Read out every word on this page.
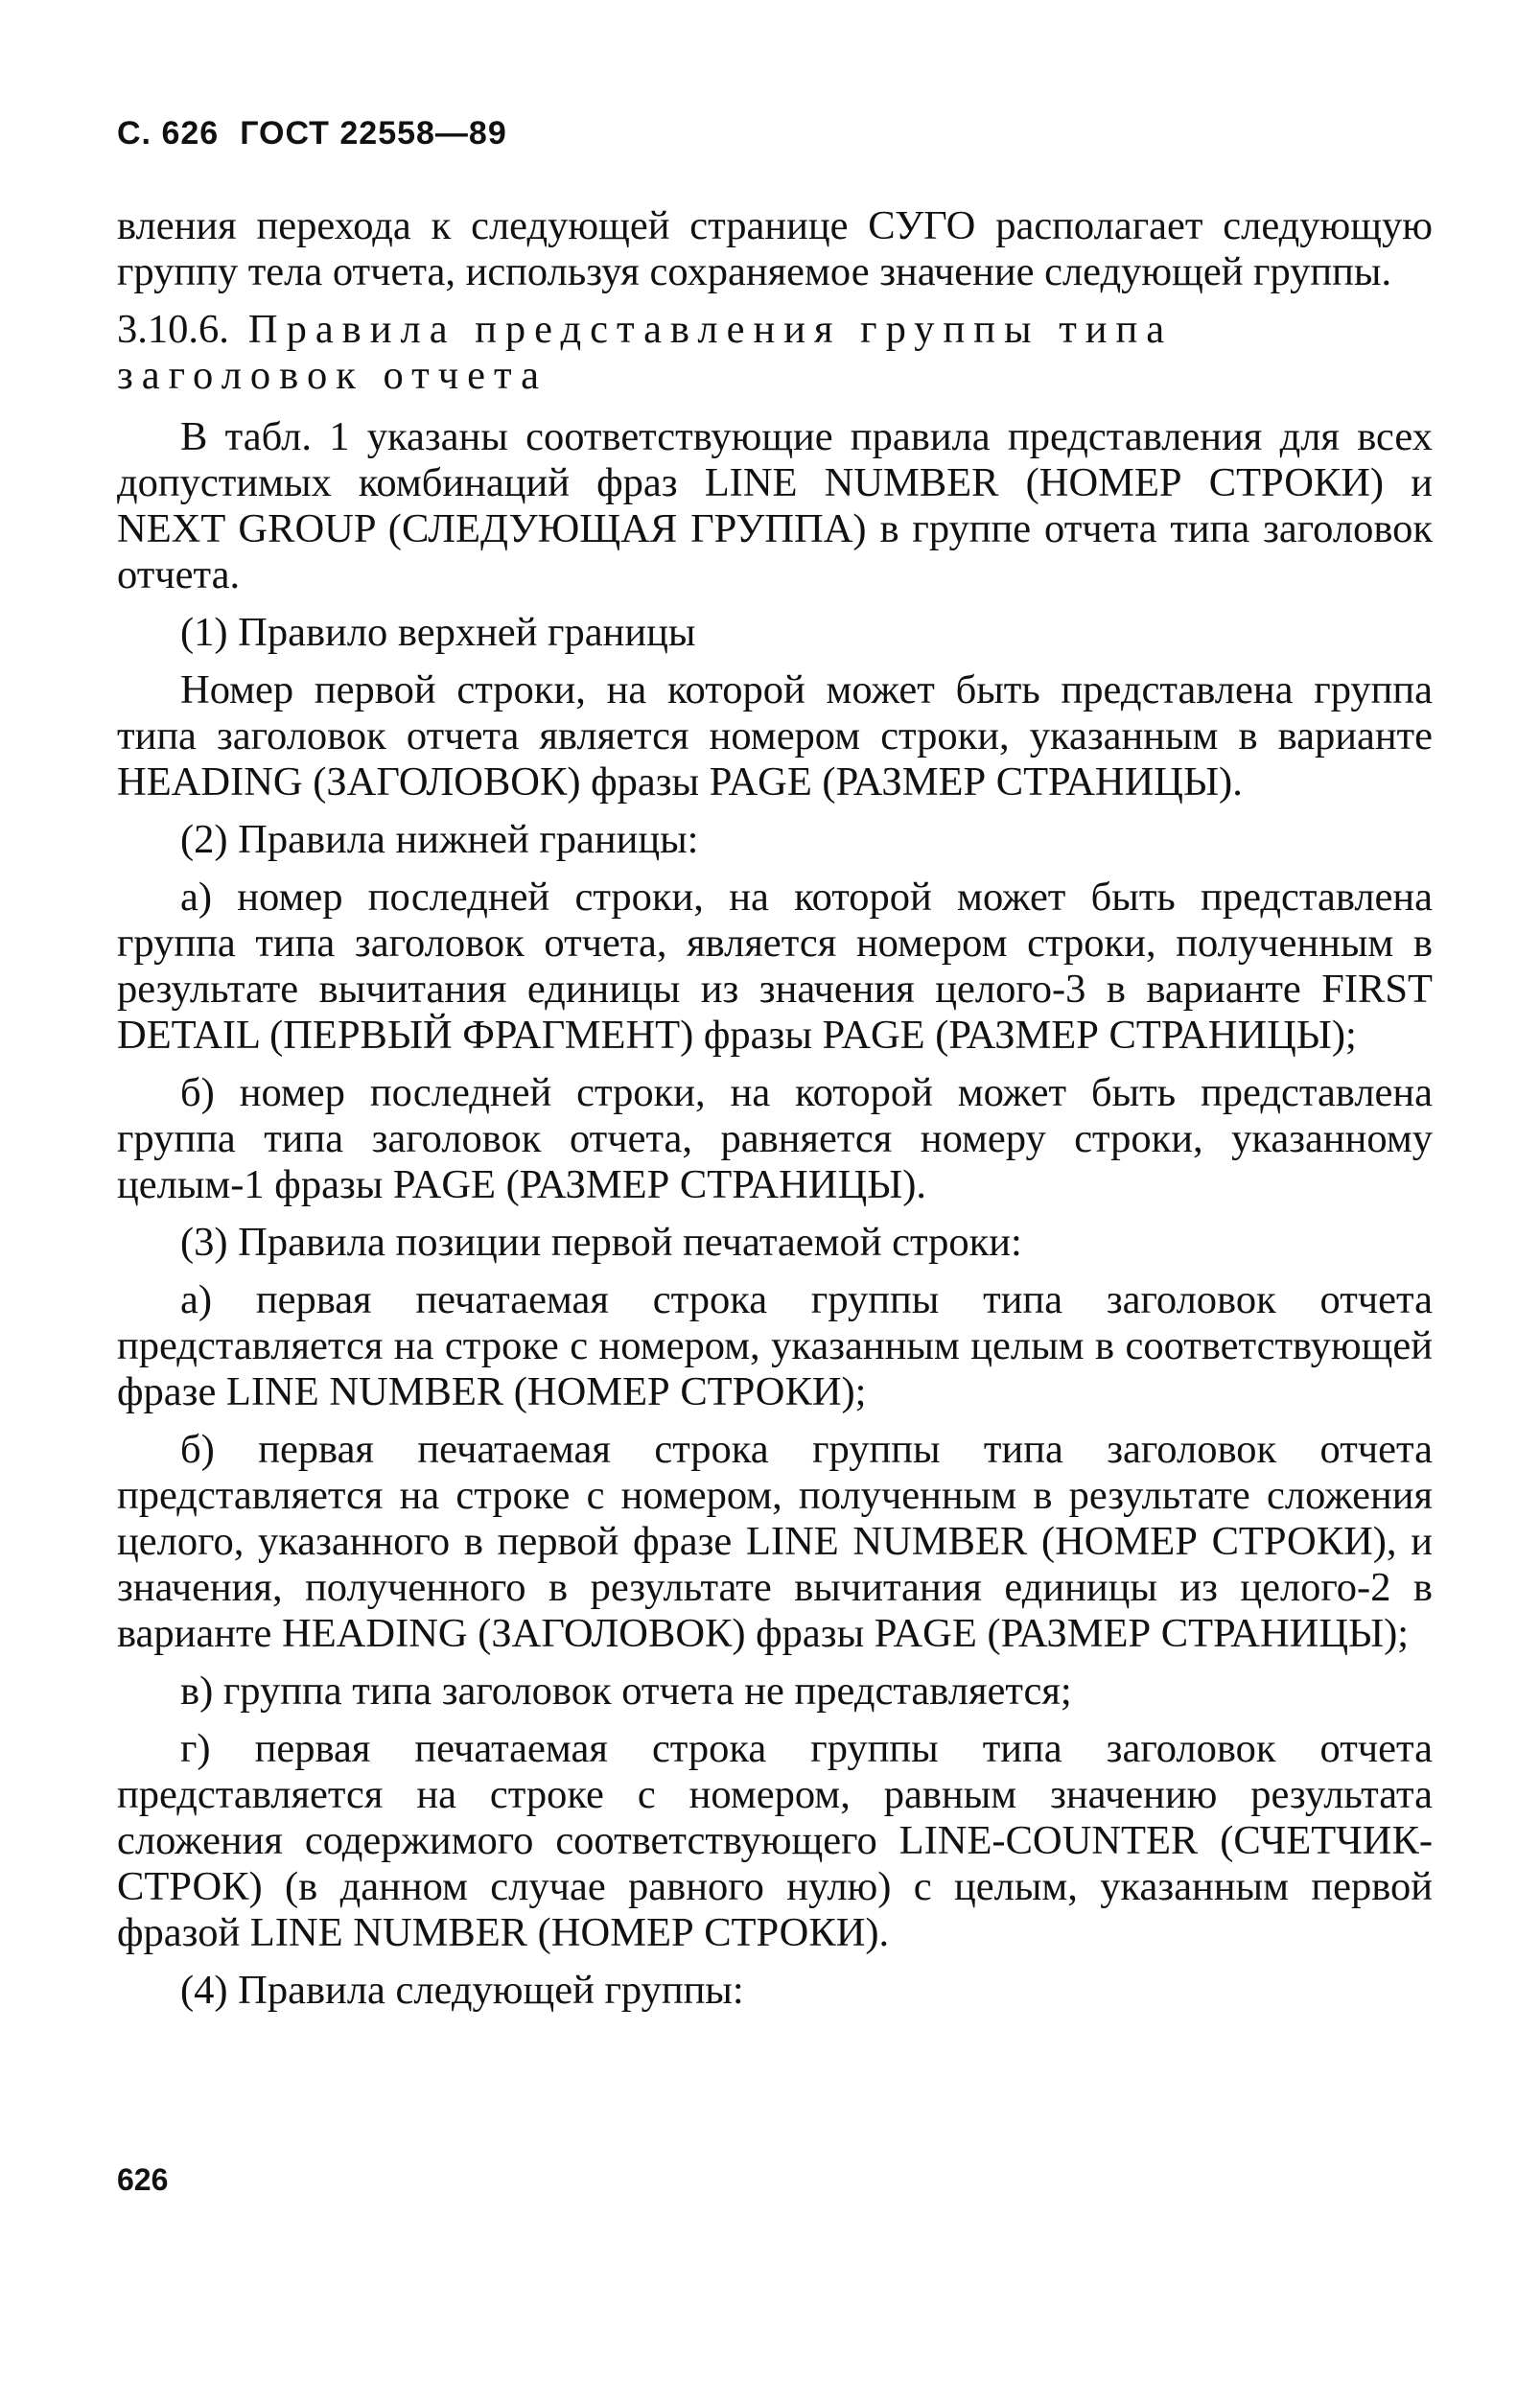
С. 626 ГОСТ 22558—89

вления перехода к следующей странице СУГО располагает следующую группу тела отчета, используя сохраняемое значение следующей группы.

3.10.6. Правила представления группы типа заголовок отчета

В табл. 1 указаны соответствующие правила представления для всех допустимых комбинаций фраз LINE NUMBER (НОМЕР СТРОКИ) и NEXT GROUP (СЛЕДУЮЩАЯ ГРУППА) в группе отчета типа заголовок отчета.

(1) Правило верхней границы

Номер первой строки, на которой может быть представлена группа типа заголовок отчета является номером строки, указанным в варианте HEADING (ЗАГОЛОВОК) фразы PAGE (РАЗМЕР СТРАНИЦЫ).

(2) Правила нижней границы:

а) номер последней строки, на которой может быть представлена группа типа заголовок отчета, является номером строки, полученным в результате вычитания единицы из значения целого-3 в варианте FIRST DETAIL (ПЕРВЫЙ ФРАГМЕНТ) фразы PAGE (РАЗМЕР СТРАНИЦЫ);

б) номер последней строки, на которой может быть представлена группа типа заголовок отчета, равняется номеру строки, указанному целым-1 фразы PAGE (РАЗМЕР СТРАНИЦЫ).

(3) Правила позиции первой печатаемой строки:

а) первая печатаемая строка группы типа заголовок отчета представляется на строке с номером, указанным целым в соответствующей фразе LINE NUMBER (НОМЕР СТРОКИ);

б) первая печатаемая строка группы типа заголовок отчета представляется на строке с номером, полученным в результате сложения целого, указанного в первой фразе LINE NUMBER (НОМЕР СТРОКИ), и значения, полученного в результате вычитания единицы из целого-2 в варианте HEADING (ЗАГОЛОВОК) фразы PAGE (РАЗМЕР СТРАНИЦЫ);

в) группа типа заголовок отчета не представляется;

г) первая печатаемая строка группы типа заголовок отчета представляется на строке с номером, равным значению результата сложения содержимого соответствующего LINE-COUNTER (СЧЕТЧИК-СТРОК) (в данном случае равного нулю) с целым, указанным первой фразой LINE NUMBER (НОМЕР СТРОКИ).

(4) Правила следующей группы:

626
